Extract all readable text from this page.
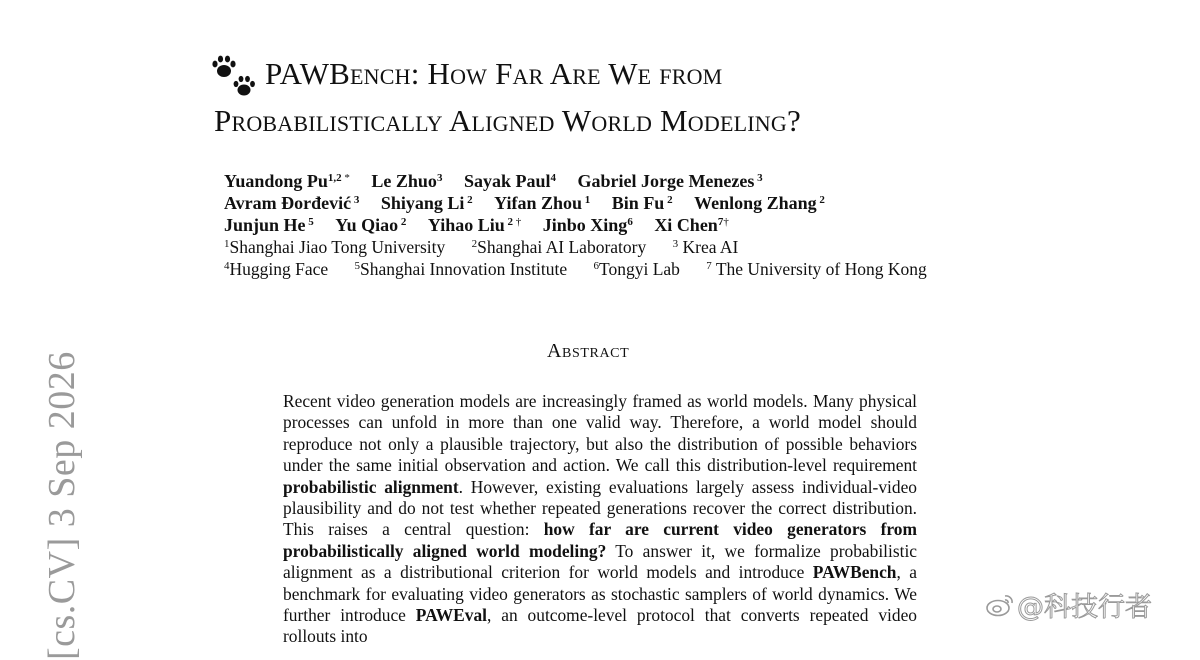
PAWBench: How Far Are We from
Probabilistically Aligned World Modeling?
Yuandong Pu$^{1,2}$ * Le Zhuo$^3$ Sayak Paul$^4$ Gabriel Jorge Menezes $^3$
Avram Đorđević $^3$ Shiyang Li $^2$ Yifan Zhou $^1$ Bin Fu $^2$ Wenlong Zhang $^2$
Junjun He $^5$ Yu Qiao $^2$ Yihao Liu $^2$ † Jinbo Xing$^6$ Xi Chen$^{7\dagger}$
$^1$Shanghai Jiao Tong University $^2$Shanghai AI Laboratory $^3$ Krea AI
$^4$Hugging Face $^5$Shanghai Innovation Institute $^6$Tongyi Lab $^7$ The University of Hong Kong
Abstract

Recent video generation models are increasingly framed as world models. Many physical processes can unfold in more than one valid way. Therefore, a world model should reproduce not only a plausible trajectory, but also the distribution of possible behaviors under the same initial observation and action. We call this distribution-level requirement probabilistic alignment. However, existing evaluations largely assess individual-video plausibility and do not test whether repeated generations recover the correct distribution. This raises a central question: how far are current video generators from probabilistically aligned world modeling? To answer it, we formalize probabilistic alignment as a distributional criterion for world models and introduce PAWBench, a benchmark for evaluating video generators as stochastic samplers of world dynamics. We further introduce PAWEval, an outcome-level protocol that converts repeated video rollouts into

[cs.CV] 3 Sep 2026	@科技行者
